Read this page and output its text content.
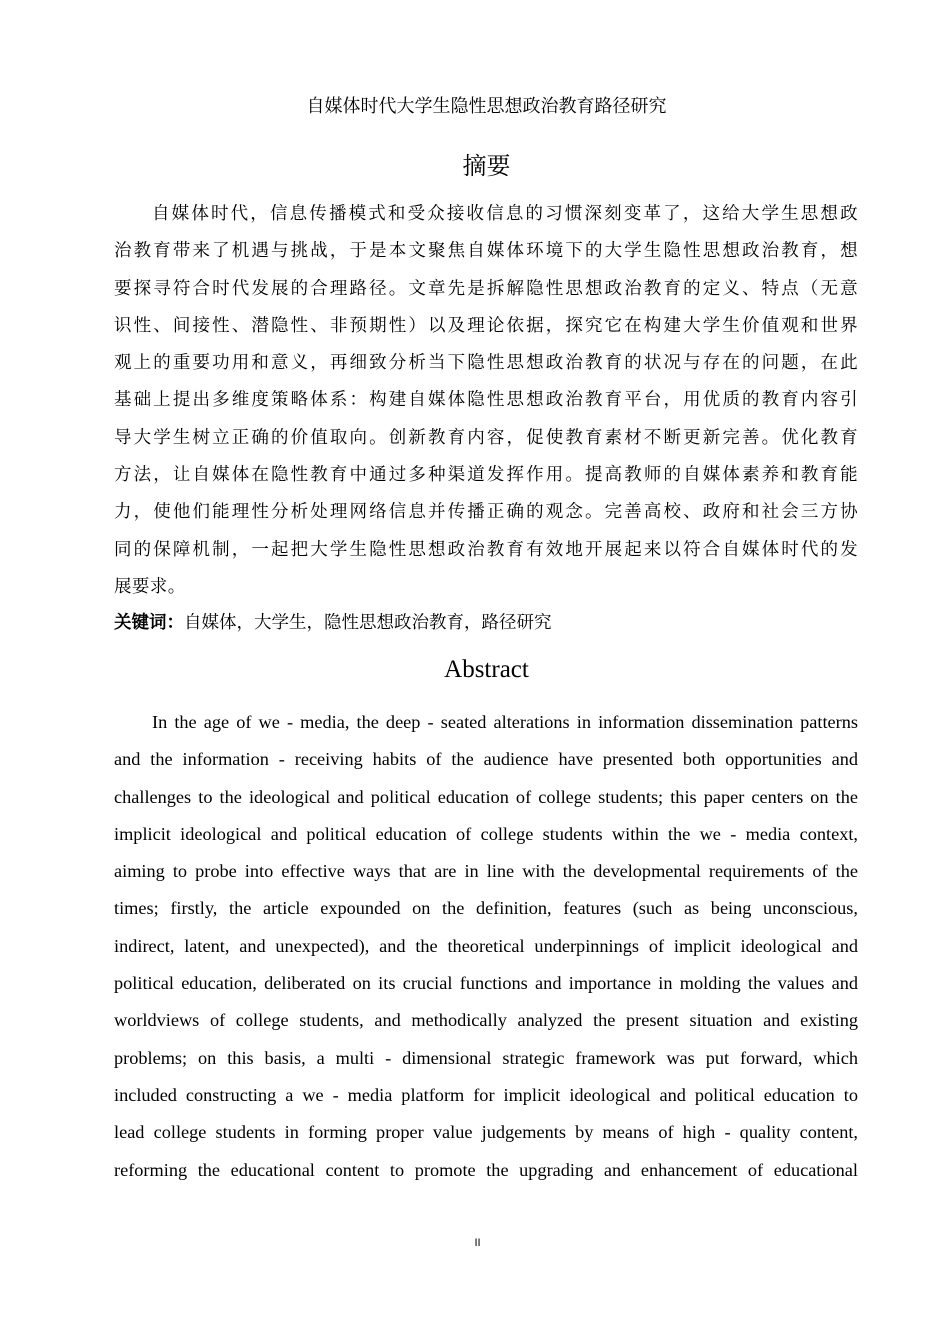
自媒体时代大学生隐性思想政治教育路径研究
摘要
自媒体时代，信息传播模式和受众接收信息的习惯深刻变革了，这给大学生思想政
治教育带来了机遇与挑战，于是本文聚焦自媒体环境下的大学生隐性思想政治教育，想
要探寻符合时代发展的合理路径。文章先是拆解隐性思想政治教育的定义、特点（无意
识性、间接性、潜隐性、非预期性）以及理论依据，探究它在构建大学生价值观和世界
观上的重要功用和意义，再细致分析当下隐性思想政治教育的状况与存在的问题，在此
基础上提出多维度策略体系：构建自媒体隐性思想政治教育平台，用优质的教育内容引
导大学生树立正确的价值取向。创新教育内容，促使教育素材不断更新完善。优化教育
方法，让自媒体在隐性教育中通过多种渠道发挥作用。提高教师的自媒体素养和教育能
力，使他们能理性分析处理网络信息并传播正确的观念。完善高校、政府和社会三方协
同的保障机制，一起把大学生隐性思想政治教育有效地开展起来以符合自媒体时代的发
展要求。
关键词：自媒体，大学生，隐性思想政治教育，路径研究
Abstract
In the age of we - media, the deep - seated alterations in information dissemination patterns
and the information - receiving habits of the audience have presented both opportunities and
challenges to the ideological and political education of college students; this paper centers on the
implicit ideological and political education of college students within the we - media context,
aiming to probe into effective ways that are in line with the developmental requirements of the
times; firstly, the article expounded on the definition, features (such as being unconscious,
indirect, latent, and unexpected), and the theoretical underpinnings of implicit ideological and
political education, deliberated on its crucial functions and importance in molding the values and
worldviews of college students, and methodically analyzed the present situation and existing
problems; on this basis, a multi - dimensional strategic framework was put forward, which
included constructing a we - media platform for implicit ideological and political education to
lead college students in forming proper value judgements by means of high - quality content,
reforming the educational content to promote the upgrading and enhancement of educational
II
